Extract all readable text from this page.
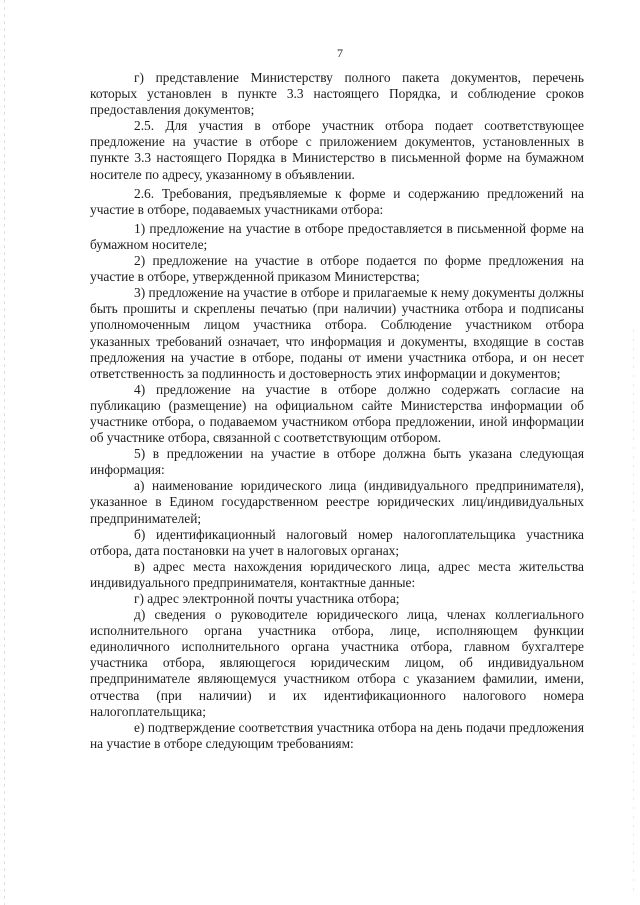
7

г) представление Министерству полного пакета документов, перечень которых установлен в пункте 3.3 настоящего Порядка, и соблюдение сроков предоставления документов;

2.5. Для участия в отборе участник отбора подает соответствующее предложение на участие в отборе с приложением документов, установленных в пункте 3.3 настоящего Порядка в Министерство в письменной форме на бумажном носителе по адресу, указанному в объявлении.

2.6. Требования, предъявляемые к форме и содержанию предложений на участие в отборе, подаваемых участниками отбора:

1) предложение на участие в отборе предоставляется в письменной форме на бумажном носителе;

2) предложение на участие в отборе подается по форме предложения на участие в отборе, утвержденной приказом Министерства;

3) предложение на участие в отборе и прилагаемые к нему документы должны быть прошиты и скреплены печатью (при наличии) участника отбора и подписаны уполномоченным лицом участника отбора. Соблюдение участником отбора указанных требований означает, что информация и документы, входящие в состав предложения на участие в отборе, поданы от имени участника отбора, и он несет ответственность за подлинность и достоверность этих информации и документов;

4) предложение на участие в отборе должно содержать согласие на публикацию (размещение) на официальном сайте Министерства информации об участнике отбора, о подаваемом участником отбора предложении, иной информации об участнике отбора, связанной с соответствующим отбором.

5) в предложении на участие в отборе должна быть указана следующая информация:

а) наименование юридического лица (индивидуального предпринимателя), указанное в Едином государственном реестре юридических лиц/индивидуальных предпринимателей;

б) идентификационный налоговый номер налогоплательщика участника отбора, дата постановки на учет в налоговых органах;

в) адрес места нахождения юридического лица, адрес места жительства индивидуального предпринимателя, контактные данные:

г) адрес электронной почты участника отбора;

д) сведения о руководителе юридического лица, членах коллегиального исполнительного органа участника отбора, лице, исполняющем функции единоличного исполнительного органа участника отбора, главном бухгалтере участника отбора, являющегося юридическим лицом, об индивидуальном предпринимателе являющемуся участником отбора с указанием фамилии, имени, отчества (при наличии) и их идентификационного налогового номера налогоплательщика;

е) подтверждение соответствия участника отбора на день подачи предложения на участие в отборе следующим требованиям:
